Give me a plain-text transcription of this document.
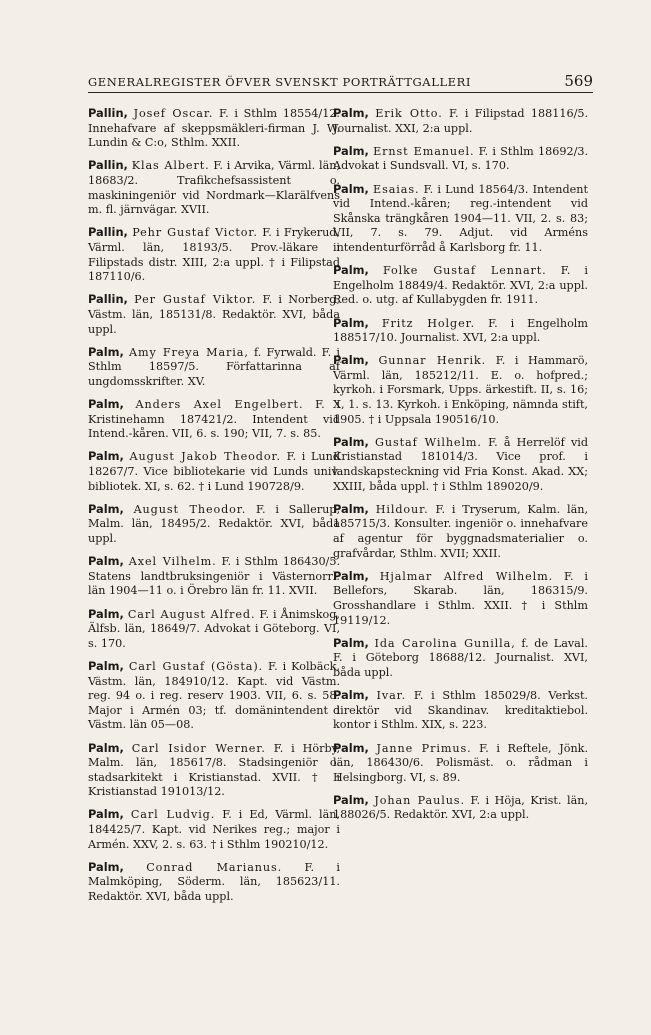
GENERALREGISTER ÖFVER SVENSKT PORTRÄTTGALLERI	569

Pallin, Josef Oscar. F. i Sthlm 18554/12. Innehafvare af skeppsmäkleri-firman J. W. Lundin & C:o, Sthlm. XXII.

Pallin, Klas Albert. F. i Arvika, Värml. län, 18683/2. Trafikchefsassistent o. maskiningeniör vid Nordmark—Klarälfvens m. fl. järnvägar. XVII.

Pallin, Pehr Gustaf Victor. F. i Frykerud, Värml. län, 18193/5. Prov.-läkare i Filipstads distr. XIII, 2:a uppl. † i Filipstad 187110/6.

Pallin, Per Gustaf Viktor. F. i Norberg, Västm. län, 185131/8. Redaktör. XVI, båda uppl.

Palm, Amy Freya Maria, f. Fyrwald. F. i Sthlm 18597/5. Författarinna af ungdomsskrifter. XV.

Palm, Anders Axel Engelbert. F. i Kristinehamn 187421/2. Intendent vid Intend.-kåren. VII, 6. s. 190; VII, 7. s. 85.

Palm, August Jakob Theodor. F. i Lund 18267/7. Vice bibliotekarie vid Lunds univ. bibliotek. XI, s. 62. † i Lund 190728/9.

Palm, August Theodor. F. i Sallerup, Malm. län, 18495/2. Redaktör. XVI, båda uppl.

Palm, Axel Vilhelm. F. i Sthlm 186430/5. Statens landtbruksingeniör i Västernorrl. län 1904—11 o. i Örebro län fr. 11. XVII.

Palm, Carl August Alfred. F. i Ånimskog, Älfsb. län, 18649/7. Advokat i Göteborg. VI, s. 170.

Palm, Carl Gustaf (Gösta). F. i Kolbäck, Västm. län, 184910/12. Kapt. vid Västm. reg. 94 o. i reg. reserv 1903. VII, 6. s. 58. Major i Armén 03; tf. domänintendent i Västm. län 05—08.

Palm, Carl Isidor Werner. F. i Hörby, Malm. län, 185617/8. Stadsingeniör o. stadsarkitekt i Kristianstad. XVII. † i Kristianstad 191013/12.

Palm, Carl Ludvig. F. i Ed, Värml. län, 184425/7. Kapt. vid Nerikes reg.; major i Armén. XXV, 2. s. 63. † i Sthlm 190210/12.

Palm, Conrad Marianus. F. i Malmköping, Söderm. län, 185623/11. Redaktör. XVI, båda uppl.

Palm, Erik Otto. F. i Filipstad 188116/5. Journalist. XXI, 2:a uppl.

Palm, Ernst Emanuel. F. i Sthlm 18692/3. Advokat i Sundsvall. VI, s. 170.

Palm, Esaias. F. i Lund 18564/3. Intendent vid Intend.-kåren; reg.-intendent vid Skånska trängkåren 1904—11. VII, 2. s. 83; VII, 7. s. 79. Adjut. vid Arméns intendenturförråd å Karlsborg fr. 11.

Palm, Folke Gustaf Lennart. F. i Engelholm 18849/4. Redaktör. XVI, 2:a uppl. Red. o. utg. af Kullabygden fr. 1911.

Palm, Fritz Holger. F. i Engelholm 188517/10. Journalist. XVI, 2:a uppl.

Palm, Gunnar Henrik. F. i Hammarö, Värml. län, 185212/11. E. o. hofpred.; kyrkoh. i Forsmark, Upps. ärkestift. II, s. 16; X, 1. s. 13. Kyrkoh. i Enköping, nämnda stift, 1905. † i Uppsala 190516/10.

Palm, Gustaf Wilhelm. F. å Herrelöf vid Kristianstad 181014/3. Vice prof. i landskapsteckning vid Fria Konst. Akad. XX; XXIII, båda uppl. † i Sthlm 189020/9.

Palm, Hildour. F. i Tryserum, Kalm. län, 185715/3. Konsulter. ingeniör o. innehafvare af agentur för byggnadsmaterialier o. grafvårdar, Sthlm. XVII; XXII.

Palm, Hjalmar Alfred Wilhelm. F. i Bellefors, Skarab. län, 186315/9. Grosshandlare i Sthlm. XXII. † i Sthlm 19119/12.

Palm, Ida Carolina Gunilla, f. de Laval. F. i Göteborg 18688/12. Journalist. XVI, båda uppl.

Palm, Ivar. F. i Sthlm 185029/8. Verkst. direktör vid Skandinav. kreditaktiebol. kontor i Sthlm. XIX, s. 223.

Palm, Janne Primus. F. i Reftele, Jönk. län, 186430/6. Polismäst. o. rådman i Helsingborg. VI, s. 89.

Palm, Johan Paulus. F. i Höja, Krist. län, 188026/5. Redaktör. XVI, 2:a uppl.
